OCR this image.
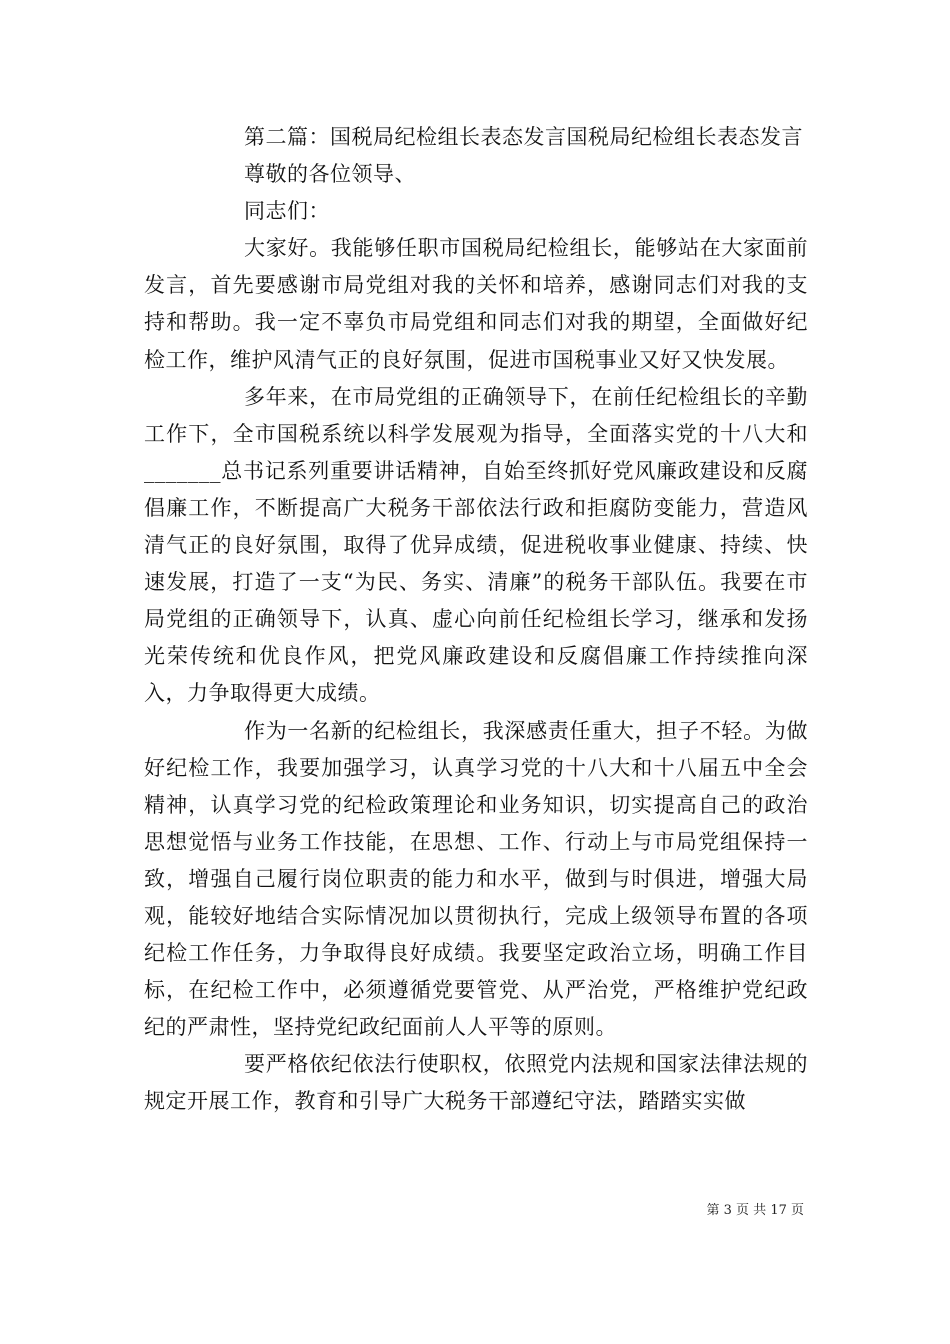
第二篇：国税局纪检组长表态发言国税局纪检组长表态发言

尊敬的各位领导、

同志们：

大家好。我能够任职市国税局纪检组长，能够站在大家面前发言，首先要感谢市局党组对我的关怀和培养，感谢同志们对我的支持和帮助。我一定不辜负市局党组和同志们对我的期望，全面做好纪检工作，维护风清气正的良好氛围，促进市国税事业又好又快发展。

多年来，在市局党组的正确领导下，在前任纪检组长的辛勤工作下，全市国税系统以科学发展观为指导，全面落实党的十八大和_______总书记系列重要讲话精神，自始至终抓好党风廉政建设和反腐倡廉工作，不断提高广大税务干部依法行政和拒腐防变能力，营造风清气正的良好氛围，取得了优异成绩，促进税收事业健康、持续、快速发展，打造了一支“为民、务实、清廉”的税务干部队伍。我要在市局党组的正确领导下，认真、虚心向前任纪检组长学习，继承和发扬光荣传统和优良作风，把党风廉政建设和反腐倡廉工作持续推向深入，力争取得更大成绩。

作为一名新的纪检组长，我深感责任重大，担子不轻。为做好纪检工作，我要加强学习，认真学习党的十八大和十八届五中全会精神，认真学习党的纪检政策理论和业务知识，切实提高自己的政治思想觉悟与业务工作技能，在思想、工作、行动上与市局党组保持一致，增强自己履行岗位职责的能力和水平，做到与时俱进，增强大局观，能较好地结合实际情况加以贯彻执行，完成上级领导布置的各项纪检工作任务，力争取得良好成绩。我要坚定政治立场，明确工作目标，在纪检工作中，必须遵循党要管党、从严治党，严格维护党纪政纪的严肃性，坚持党纪政纪面前人人平等的原则。

要严格依纪依法行使职权，依照党内法规和国家法律法规的规定开展工作，教育和引导广大税务干部遵纪守法，踏踏实实做

第 3 页 共 17 页
